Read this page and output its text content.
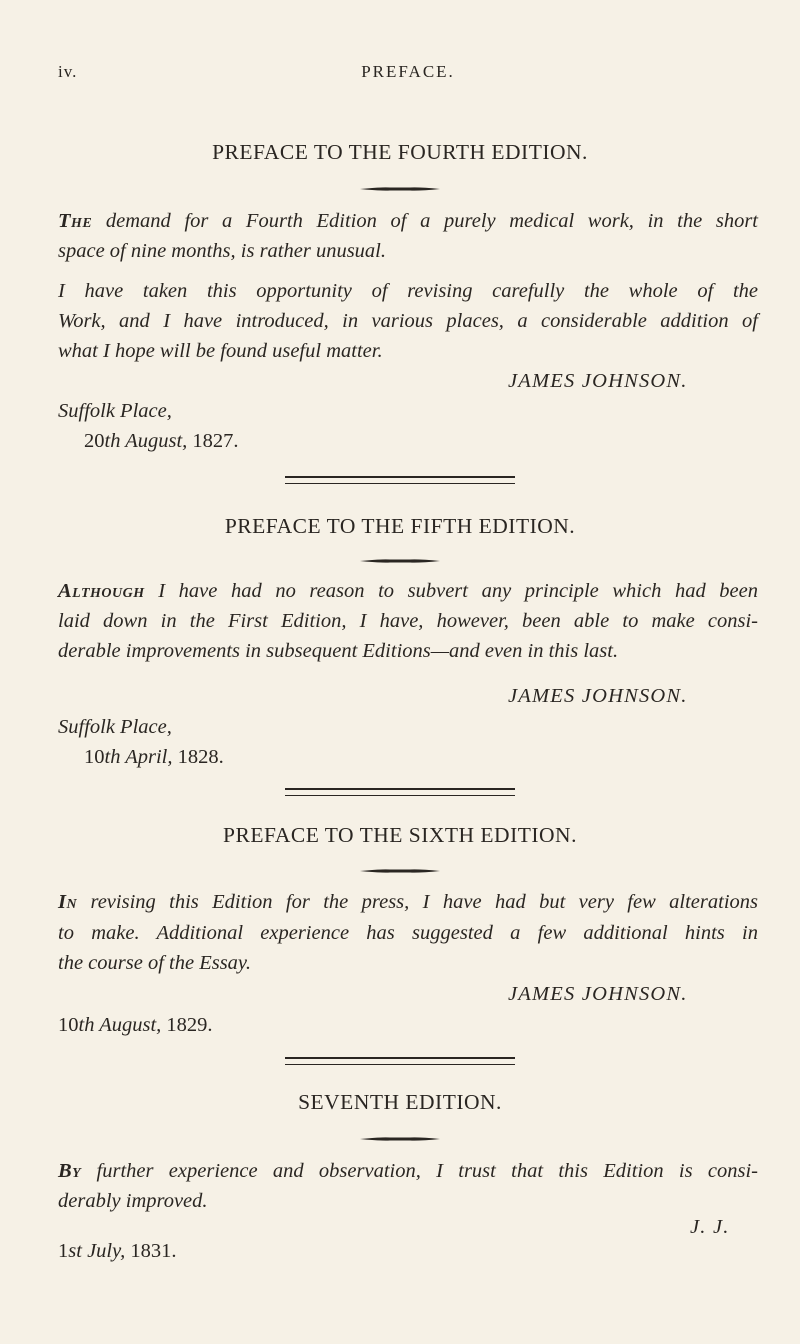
iv.	PREFACE.
PREFACE TO THE FOURTH EDITION.
The demand for a Fourth Edition of a purely medical work, in the short
space of nine months, is rather unusual.
I have taken this opportunity of revising carefully the whole of the
Work, and I have introduced, in various places, a considerable addition of
what I hope will be found useful matter.
JAMES JOHNSON.
Suffolk Place,
20th August, 1827.
PREFACE TO THE FIFTH EDITION.
Although I have had no reason to subvert any principle which had been
laid down in the First Edition, I have, however, been able to make consi-
derable improvements in subsequent Editions—and even in this last.
JAMES JOHNSON.
Suffolk Place,
10th April, 1828.
PREFACE TO THE SIXTH EDITION.
In revising this Edition for the press, I have had but very few alterations
to make. Additional experience has suggested a few additional hints in
the course of the Essay.
JAMES JOHNSON.
10th August, 1829.
SEVENTH EDITION.
By further experience and observation, I trust that this Edition is consi-
derably improved.
J. J.
1st July, 1831.
